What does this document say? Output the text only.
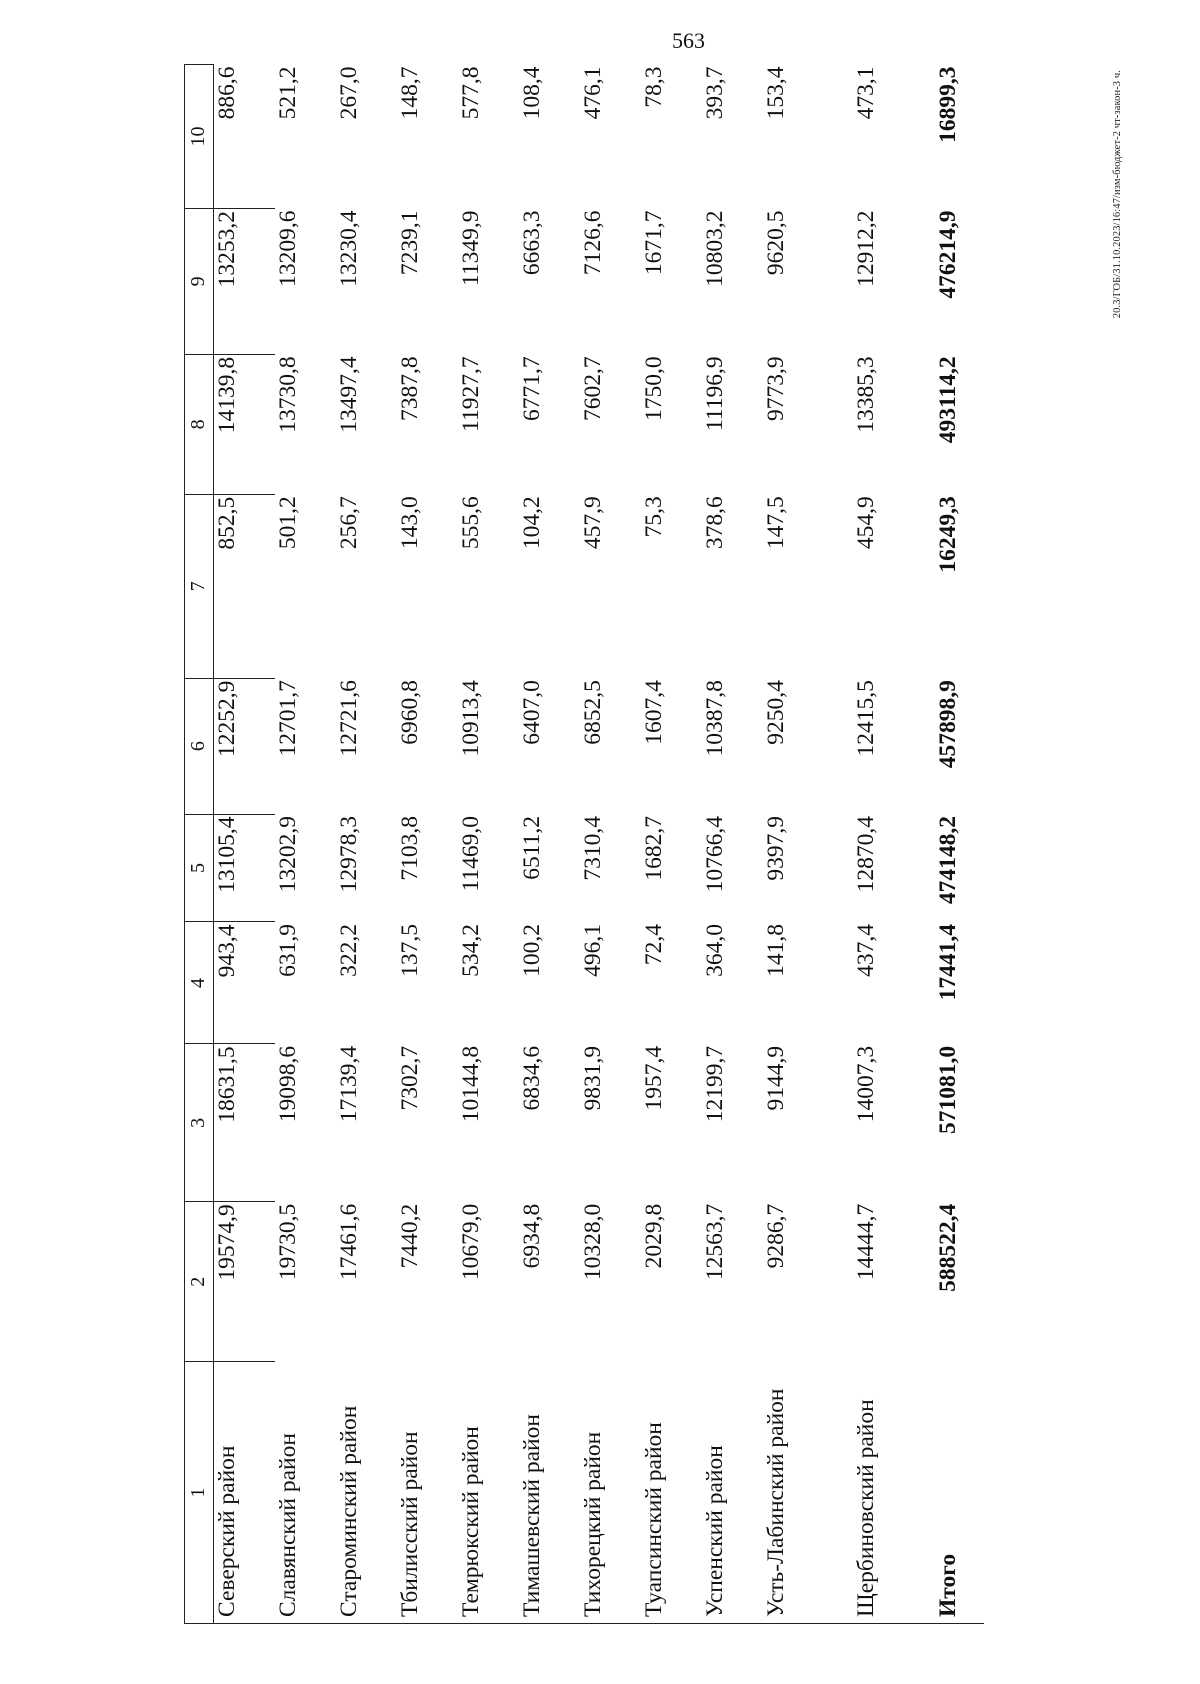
563
20.3/ГОБ/31.10.2023/16:47/изм-бюджет-2 чт-закон-3 ч.
1	2	3	4	5	6	7	8	9	10
Северский район	19574,9	18631,5	943,4	13105,4	12252,9	852,5	14139,8	13253,2	886,6
Славянский район	19730,5	19098,6	631,9	13202,9	12701,7	501,2	13730,8	13209,6	521,2
Староминский район	17461,6	17139,4	322,2	12978,3	12721,6	256,7	13497,4	13230,4	267,0
Тбилисский район	7440,2	7302,7	137,5	7103,8	6960,8	143,0	7387,8	7239,1	148,7
Темрюкский район	10679,0	10144,8	534,2	11469,0	10913,4	555,6	11927,7	11349,9	577,8
Тимашевский район	6934,8	6834,6	100,2	6511,2	6407,0	104,2	6771,7	6663,3	108,4
Тихорецкий район	10328,0	9831,9	496,1	7310,4	6852,5	457,9	7602,7	7126,6	476,1
Туапсинский район	2029,8	1957,4	72,4	1682,7	1607,4	75,3	1750,0	1671,7	78,3
Успенский район	12563,7	12199,7	364,0	10766,4	10387,8	378,6	11196,9	10803,2	393,7
Усть-Лабинский район	9286,7	9144,9	141,8	9397,9	9250,4	147,5	9773,9	9620,5	153,4
Щербиновский район	14444,7	14007,3	437,4	12870,4	12415,5	454,9	13385,3	12912,2	473,1
Итого	588522,4	571081,0	17441,4	474148,2	457898,9	16249,3	493114,2	476214,9	16899,3
